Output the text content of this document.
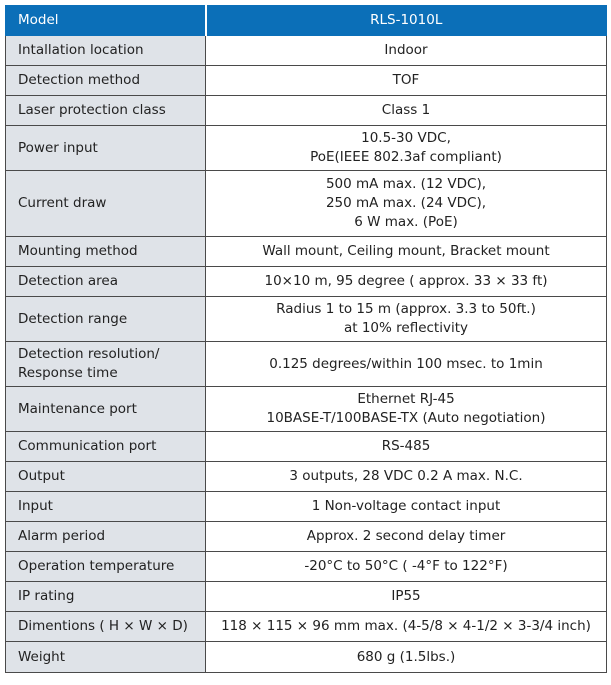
Model	RLS-1010L

Intallation location	Indoor

Detection method	TOF

Laser protection class	Class 1

Power input	10.5-30 VDC,
PoE(IEEE 802.3af compliant)

Current draw	500 mA max. (12 VDC),
250 mA max. (24 VDC),
6 W max. (PoE)

Mounting method	Wall mount, Ceiling mount, Bracket mount

Detection area	10×10 m, 95 degree ( approx. 33 × 33 ft)

Detection range	Radius 1 to 15 m (approx. 3.3 to 50ft.)
at 10% reflectivity

Detection resolution/
Response time	0.125 degrees/within 100 msec. to 1min

Maintenance port	Ethernet RJ-45
10BASE-T/100BASE-TX (Auto negotiation)

Communication port	RS-485

Output	3 outputs, 28 VDC 0.2 A max. N.C.

Input	1 Non-voltage contact input

Alarm period	Approx. 2 second delay timer

Operation temperature	-20°C to 50°C ( -4°F to 122°F)

IP rating	IP55

Dimentions ( H × W × D)	118 × 115 × 96 mm max. (4-5/8 × 4-1/2 × 3-3/4 inch)

Weight	680 g (1.5lbs.)
